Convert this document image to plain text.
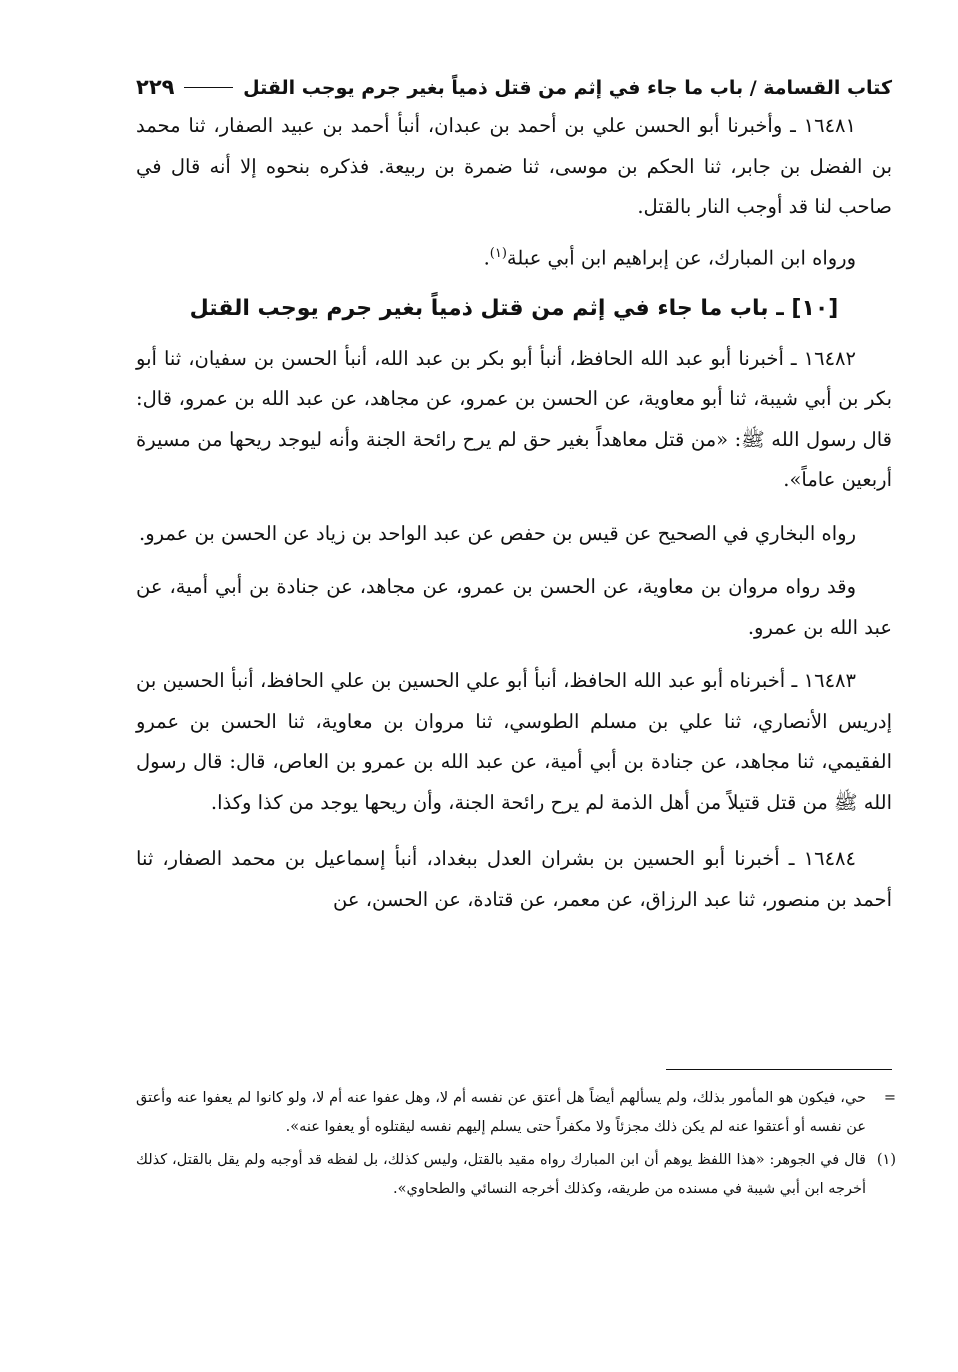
كتاب القسامة / باب ما جاء في إثم من قتل ذمياً بغير جرم يوجب القتل
٢٢٩

١٦٤٨١ ـ وأخبرنا أبو الحسن علي بن أحمد بن عبدان، أنبأ أحمد بن عبيد الصفار، ثنا محمد بن الفضل بن جابر، ثنا الحكم بن موسى، ثنا ضمرة بن ربيعة. فذكره بنحوه إلا أنه قال في صاحب لنا قد أوجب النار بالقتل.

ورواه ابن المبارك، عن إبراهيم ابن أبي عبلة$^{(١)}$.

[١٠] ـ باب ما جاء في إثم من قتل ذمياً بغير جرم يوجب القتل

١٦٤٨٢ ـ أخبرنا أبو عبد الله الحافظ، أنبأ أبو بكر بن عبد الله، أنبأ الحسن بن سفيان، ثنا أبو بكر بن أبي شيبة، ثنا أبو معاوية، عن الحسن بن عمرو، عن مجاهد، عن عبد الله بن عمرو، قال: قال رسول الله ﷺ: «من قتل معاهداً بغير حق لم يرح رائحة الجنة وأنه ليوجد ريحها من مسيرة أربعين عاماً».

رواه البخاري في الصحيح عن قيس بن حفص عن عبد الواحد بن زياد عن الحسن بن عمرو.

وقد رواه مروان بن معاوية، عن الحسن بن عمرو، عن مجاهد، عن جنادة بن أبي أمية، عن عبد الله بن عمرو.

١٦٤٨٣ ـ أخبرناه أبو عبد الله الحافظ، أنبأ أبو علي الحسين بن علي الحافظ، أنبأ الحسين بن إدريس الأنصاري، ثنا علي بن مسلم الطوسي، ثنا مروان بن معاوية، ثنا الحسن بن عمرو الفقيمي، ثنا مجاهد، عن جنادة بن أبي أمية، عن عبد الله بن عمرو بن العاص، قال: قال رسول الله ﷺ من قتل قتيلاً من أهل الذمة لم يرح رائحة الجنة، وأن ريحها يوجد من كذا وكذا.

١٦٤٨٤ ـ أخبرنا أبو الحسين بن بشران العدل ببغداد، أنبأ إسماعيل بن محمد الصفار، ثنا أحمد بن منصور، ثنا عبد الرزاق، عن معمر، عن قتادة، عن الحسن، عن

=
حي، فيكون هو المأمور بذلك، ولم يسألهم أيضاً هل أعتق عن نفسه أم لا، وهل عفوا عنه أم لا، ولو كانوا لم يعفوا عنه وأعتق عن نفسه أو أعتقوا عنه لم يكن ذلك مجزئاً ولا مكفراً حتى يسلم إليهم نفسه ليقتلوه أو يعفوا عنه».
(١)
قال في الجوهر: «هذا اللفظ يوهم أن ابن المبارك رواه مقيد بالقتل، وليس كذلك، بل لفظه قد أوجبه ولم يقل بالقتل، كذلك أخرجه ابن أبي شيبة في مسنده من طريقه، وكذلك أخرجه النسائي والطحاوي».
